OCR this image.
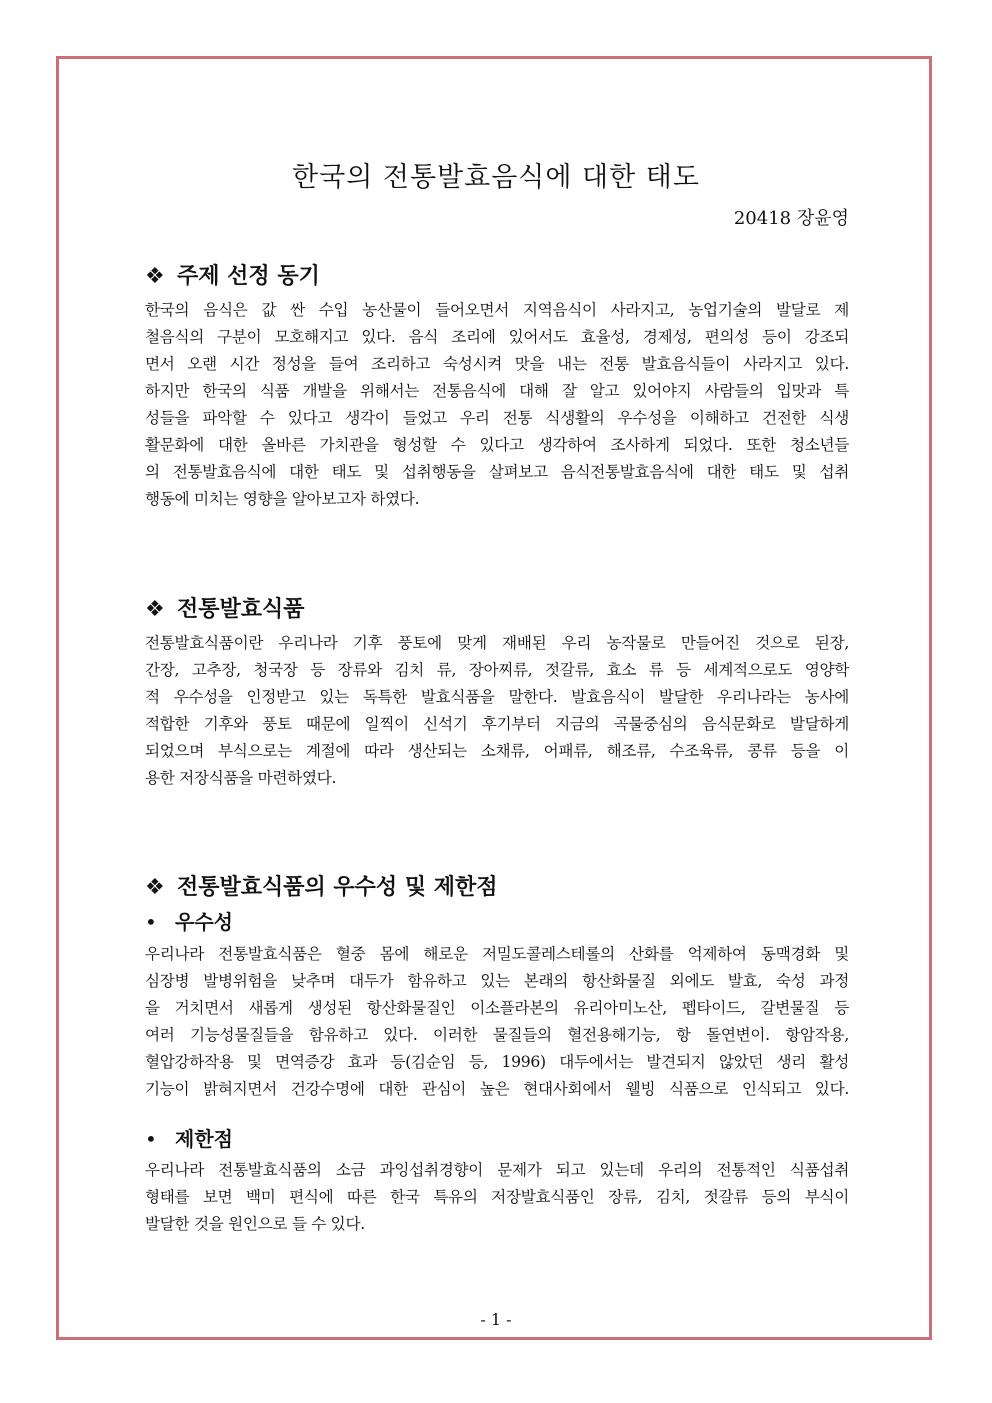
한국의 전통발효음식에 대한 태도

20418 장윤영

❖ 주제 선정 동기

한국의 음식은 값 싼 수입 농산물이 들어오면서 지역음식이 사라지고, 농업기술의 발달로 제
철음식의 구분이 모호해지고 있다. 음식 조리에 있어서도 효율성, 경제성, 편의성 등이 강조되
면서 오랜 시간 정성을 들여 조리하고 숙성시켜 맛을 내는 전통 발효음식들이 사라지고 있다.
하지만 한국의 식품 개발을 위해서는 전통음식에 대해 잘 알고 있어야지 사람들의 입맛과 특
성들을 파악할 수 있다고 생각이 들었고 우리 전통 식생활의 우수성을 이해하고 건전한 식생
활문화에 대한 올바른 가치관을 형성할 수 있다고 생각하여 조사하게 되었다. 또한 청소년들
의 전통발효음식에 대한 태도 및 섭취행동을 살펴보고 음식전통발효음식에 대한 태도 및 섭취
행동에 미치는 영향을 알아보고자 하였다.

❖ 전통발효식품

전통발효식품이란 우리나라 기후 풍토에 맞게 재배된 우리 농작물로 만들어진 것으로 된장,
간장, 고추장, 청국장 등 장류와 김치 류, 장아찌류, 젓갈류, 효소 류 등 세계적으로도 영양학
적 우수성을 인정받고 있는 독특한 발효식품을 말한다. 발효음식이 발달한 우리나라는 농사에
적합한 기후와 풍토 때문에 일찍이 신석기 후기부터 지금의 곡물중심의 음식문화로 발달하게
되었으며 부식으로는 계절에 따라 생산되는 소채류, 어패류, 해조류, 수조육류, 콩류 등을 이
용한 저장식품을 마련하였다.

❖ 전통발효식품의 우수성 및 제한점
• 우수성

우리나라 전통발효식품은 혈중 몸에 해로운 저밀도콜레스테롤의 산화를 억제하여 동맥경화 및
심장병 발병위험을 낮추며 대두가 함유하고 있는 본래의 항산화물질 외에도 발효, 숙성 과정
을 거치면서 새롭게 생성된 항산화물질인 이소플라본의 유리아미노산, 펩타이드, 갈변물질 등
여러 기능성물질들을 함유하고 있다. 이러한 물질들의 혈전용해기능, 항 돌연변이. 항암작용,
혈압강하작용 및 면역증강 효과 등(김순임 등, 1996) 대두에서는 발견되지 않았던 생리 활성
기능이 밝혀지면서 건강수명에 대한 관심이 높은 현대사회에서 웰빙 식품으로 인식되고 있다.

• 제한점

우리나라 전통발효식품의 소금 과잉섭취경향이 문제가 되고 있는데 우리의 전통적인 식품섭취
형태를 보면 백미 편식에 따른 한국 특유의 저장발효식품인 장류, 김치, 젓갈류 등의 부식이
발달한 것을 원인으로 들 수 있다.

- 1 -
